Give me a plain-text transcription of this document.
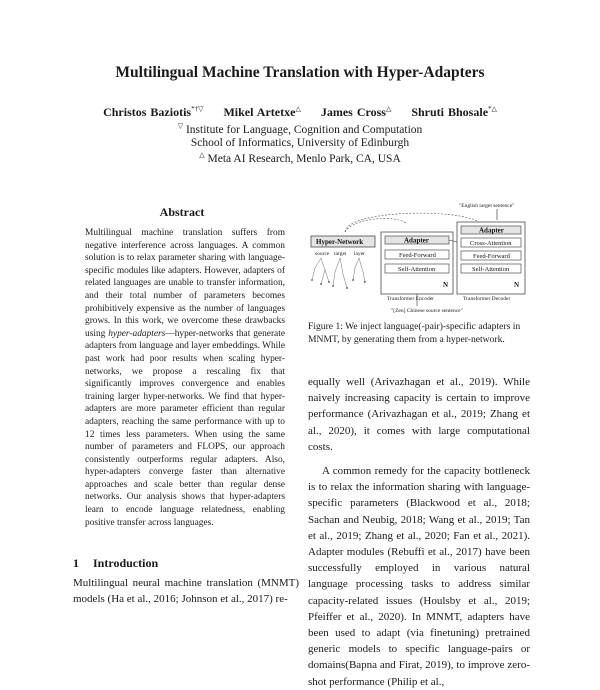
Multilingual Machine Translation with Hyper-Adapters
Christos Baziotis*†▽ Mikel Artetxe△ James Cross△ Shruti Bhosale*△
▽ Institute for Language, Cognition and Computation
School of Informatics, University of Edinburgh
△ Meta AI Research, Menlo Park, CA, USA
Abstract
Multilingual machine translation suffers from negative interference across languages. A common solution is to relax parameter sharing with language-specific modules like adapters. However, adapters of related languages are unable to transfer information, and their total number of parameters becomes prohibitively expensive as the number of languages grows. In this work, we overcome these drawbacks using hyper-adapters—hyper-networks that generate adapters from language and layer embeddings. While past work had poor results when scaling hyper-networks, we propose a rescaling fix that significantly improves convergence and enables training larger hyper-networks. We find that hyper-adapters are more parameter efficient than regular adapters, reaching the same performance with up to 12 times less parameters. When using the same number of parameters and FLOPS, our approach consistently outperforms regular adapters. Also, hyper-adapters converge faster than alternative approaches and scale better than regular dense networks. Our analysis shows that hyper-adapters learn to encode language relatedness, enabling positive transfer across languages.
1 Introduction
Multilingual neural machine translation (MNMT) models (Ha et al., 2016; Johnson et al., 2017) re-
"English target sentence"
Hyper-Network
source target layer
Adapter
Feed-Forward
Self-Attention
N
Transformer Encoder
Adapter
Cross-Attention
Feed-Forward
Self-Attention
N
Transformer Decoder
"[Zen] Chinese source sentence"
Figure 1: We inject language(-pair)-specific adapters in MNMT, by generating them from a hyper-network.

equally well (Arivazhagan et al., 2019). While naively increasing capacity is certain to improve performance (Arivazhagan et al., 2019; Zhang et al., 2020), it comes with large computational costs.

A common remedy for the capacity bottleneck is to relax the information sharing with language-specific parameters (Blackwood et al., 2018; Sachan and Neubig, 2018; Wang et al., 2019; Tan et al., 2019; Zhang et al., 2020; Fan et al., 2021). Adapter modules (Rebuffi et al., 2017) have been successfully employed in various natural language processing tasks to address similar capacity-related issues (Houlsby et al., 2019; Pfeiffer et al., 2020). In MNMT, adapters have been used to adapt (via finetuning) pretrained generic models to specific language-pairs or domains(Bapna and Firat, 2019), to improve zero-shot performance (Philip et al.,
